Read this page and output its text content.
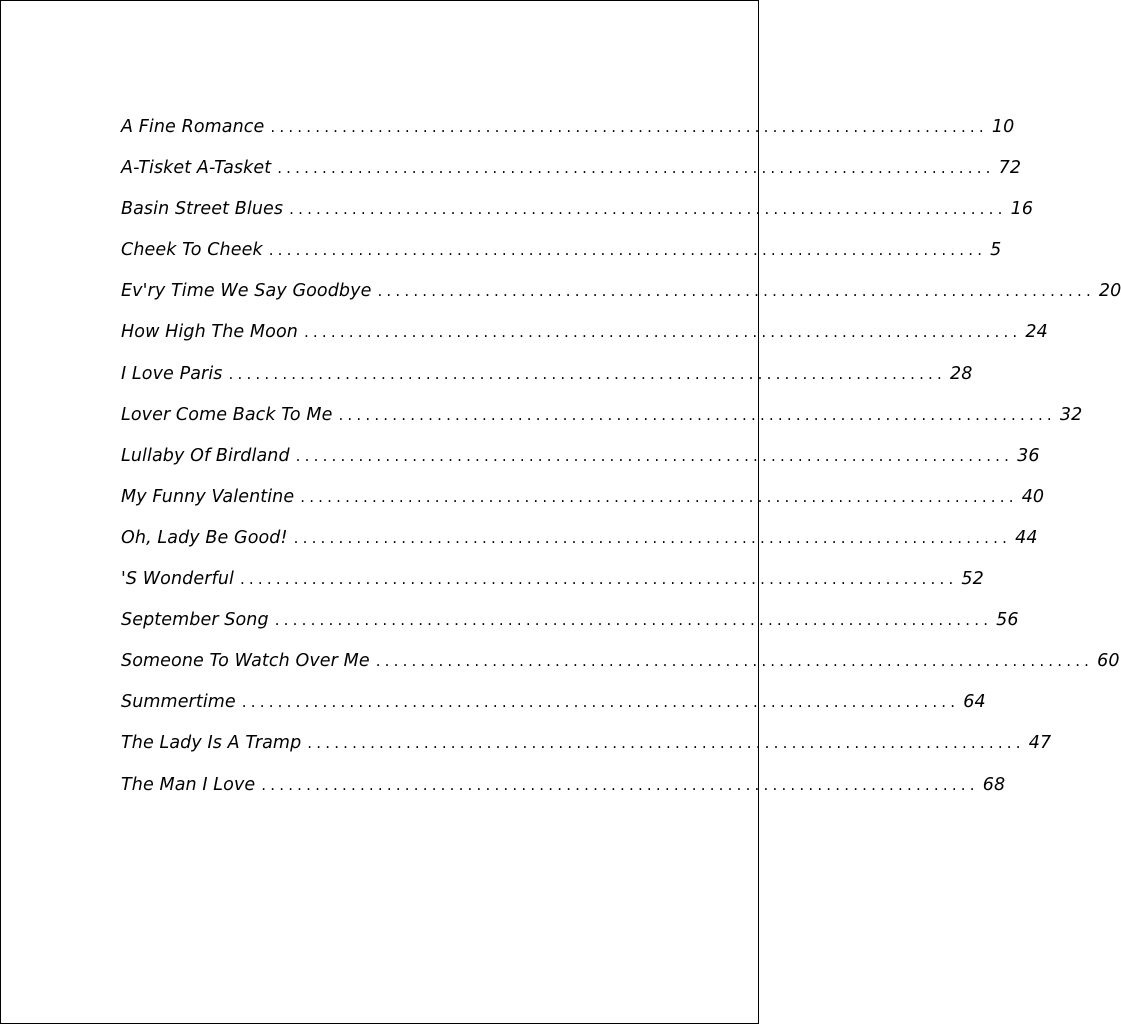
A Fine Romance ................................................................................ 10
A-Tisket A-Tasket ................................................................................ 72
Basin Street Blues ................................................................................ 16
Cheek To Cheek ................................................................................ 5
Ev'ry Time We Say Goodbye ................................................................................ 20
How High The Moon ................................................................................ 24
I Love Paris ................................................................................ 28
Lover Come Back To Me ................................................................................ 32
Lullaby Of Birdland ................................................................................ 36
My Funny Valentine ................................................................................ 40
Oh, Lady Be Good! ................................................................................ 44
'S Wonderful ................................................................................ 52
September Song ................................................................................ 56
Someone To Watch Over Me ................................................................................ 60
Summertime ................................................................................ 64
The Lady Is A Tramp ................................................................................ 47
The Man I Love ................................................................................ 68
